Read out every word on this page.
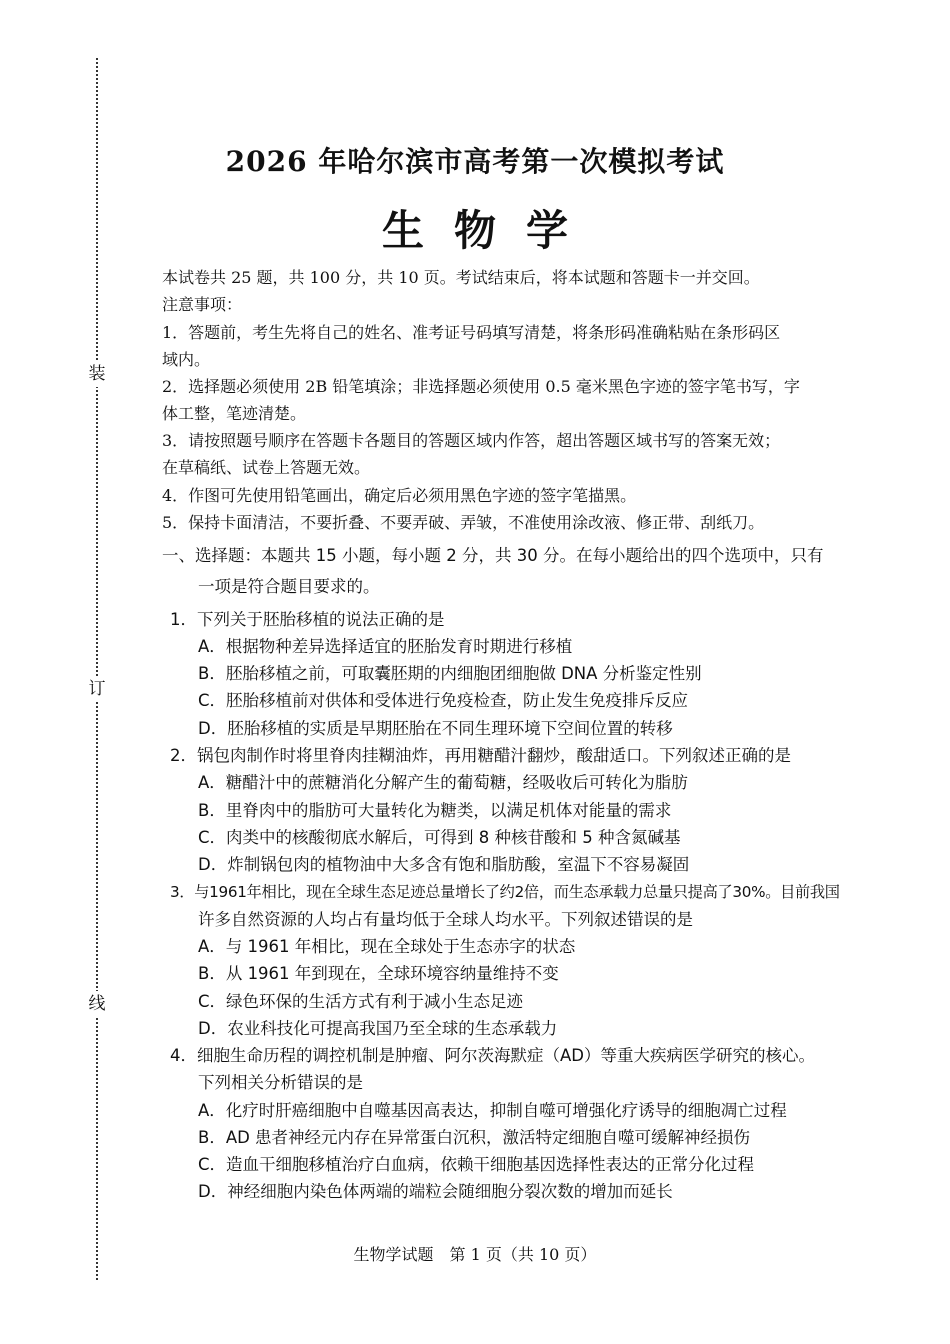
装
订
线
2026 年哈尔滨市高考第一次模拟考试
生物学
本试卷共 25 题，共 100 分，共 10 页。考试结束后，将本试题和答题卡一并交回。
注意事项：
1．答题前，考生先将自己的姓名、准考证号码填写清楚，将条形码准确粘贴在条形码区
域内。
2．选择题必须使用 2B 铅笔填涂；非选择题必须使用 0.5 毫米黑色字迹的签字笔书写，字
体工整，笔迹清楚。
3．请按照题号顺序在答题卡各题目的答题区域内作答，超出答题区域书写的答案无效；
在草稿纸、试卷上答题无效。
4．作图可先使用铅笔画出，确定后必须用黑色字迹的签字笔描黑。
5．保持卡面清洁，不要折叠、不要弄破、弄皱，不准使用涂改液、修正带、刮纸刀。
一、选择题：本题共 15 小题，每小题 2 分，共 30 分。在每小题给出的四个选项中，只有
一项是符合题目要求的。
1．下列关于胚胎移植的说法正确的是
A．根据物种差异选择适宜的胚胎发育时期进行移植
B．胚胎移植之前，可取囊胚期的内细胞团细胞做 DNA 分析鉴定性别
C．胚胎移植前对供体和受体进行免疫检查，防止发生免疫排斥反应
D．胚胎移植的实质是早期胚胎在不同生理环境下空间位置的转移
2．锅包肉制作时将里脊肉挂糊油炸，再用糖醋汁翻炒，酸甜适口。下列叙述正确的是
A．糖醋汁中的蔗糖消化分解产生的葡萄糖，经吸收后可转化为脂肪
B．里脊肉中的脂肪可大量转化为糖类，以满足机体对能量的需求
C．肉类中的核酸彻底水解后，可得到 8 种核苷酸和 5 种含氮碱基
D．炸制锅包肉的植物油中大多含有饱和脂肪酸，室温下不容易凝固
3．与1961年相比，现在全球生态足迹总量增长了约2倍，而生态承载力总量只提高了30%。目前我国
许多自然资源的人均占有量均低于全球人均水平。下列叙述错误的是
A．与 1961 年相比，现在全球处于生态赤字的状态
B．从 1961 年到现在，全球环境容纳量维持不变
C．绿色环保的生活方式有利于减小生态足迹
D．农业科技化可提高我国乃至全球的生态承载力
4．细胞生命历程的调控机制是肿瘤、阿尔茨海默症（AD）等重大疾病医学研究的核心。
下列相关分析错误的是
A．化疗时肝癌细胞中自噬基因高表达，抑制自噬可增强化疗诱导的细胞凋亡过程
B．AD 患者神经元内存在异常蛋白沉积，激活特定细胞自噬可缓解神经损伤
C．造血干细胞移植治疗白血病，依赖干细胞基因选择性表达的正常分化过程
D．神经细胞内染色体两端的端粒会随细胞分裂次数的增加而延长
生物学试题　第 1 页（共 10 页）
